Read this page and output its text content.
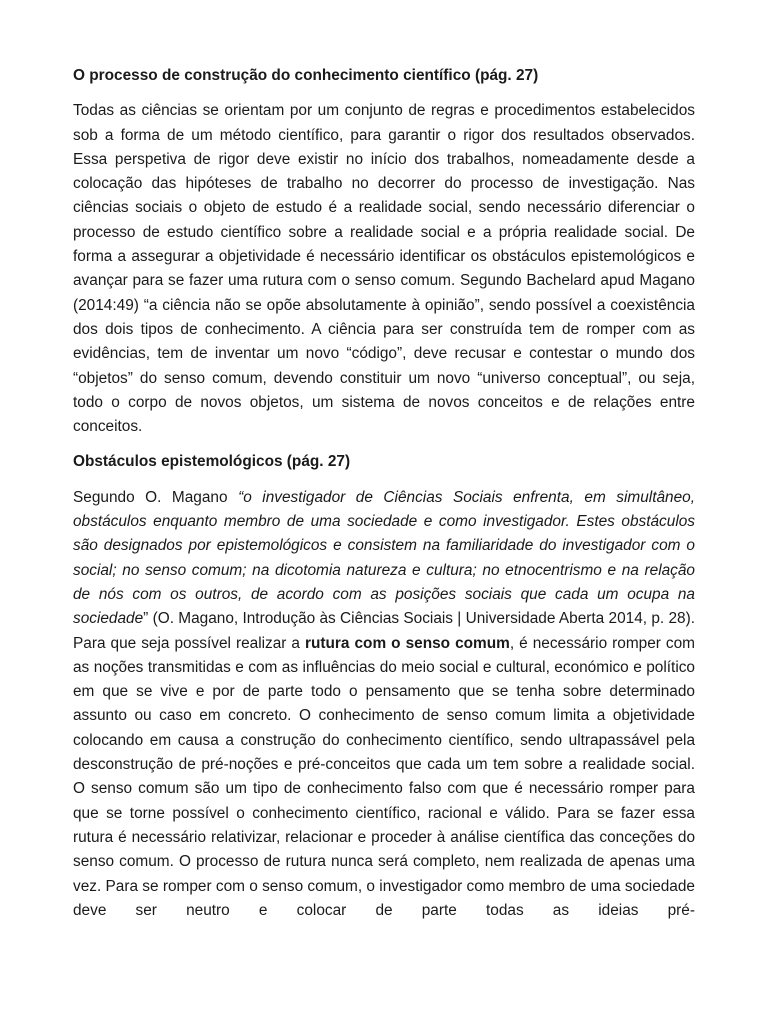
O processo de construção do conhecimento científico (pág. 27)

Todas as ciências se orientam por um conjunto de regras e procedimentos estabelecidos sob a forma de um método científico, para garantir o rigor dos resultados observados. Essa perspetiva de rigor deve existir no início dos trabalhos, nomeadamente desde a colocação das hipóteses de trabalho no decorrer do processo de investigação. Nas ciências sociais o objeto de estudo é a realidade social, sendo necessário diferenciar o processo de estudo científico sobre a realidade social e a própria realidade social. De forma a assegurar a objetividade é necessário identificar os obstáculos epistemológicos e avançar para se fazer uma rutura com o senso comum. Segundo Bachelard apud Magano (2014:49) “a ciência não se opõe absolutamente à opinião”, sendo possível a coexistência dos dois tipos de conhecimento. A ciência para ser construída tem de romper com as evidências, tem de inventar um novo “código”, deve recusar e contestar o mundo dos “objetos” do senso comum, devendo constituir um novo “universo conceptual”, ou seja, todo o corpo de novos objetos, um sistema de novos conceitos e de relações entre conceitos.

Obstáculos epistemológicos (pág. 27)

Segundo O. Magano “o investigador de Ciências Sociais enfrenta, em simultâneo, obstáculos enquanto membro de uma sociedade e como investigador. Estes obstáculos são designados por epistemológicos e consistem na familiaridade do investigador com o social; no senso comum; na dicotomia natureza e cultura; no etnocentrismo e na relação de nós com os outros, de acordo com as posições sociais que cada um ocupa na sociedade” (O. Magano, Introdução às Ciências Sociais | Universidade Aberta 2014, p. 28). Para que seja possível realizar a rutura com o senso comum, é necessário romper com as noções transmitidas e com as influências do meio social e cultural, económico e político em que se vive e por de parte todo o pensamento que se tenha sobre determinado assunto ou caso em concreto. O conhecimento de senso comum limita a objetividade colocando em causa a construção do conhecimento científico, sendo ultrapassável pela desconstrução de pré-noções e pré-conceitos que cada um tem sobre a realidade social. O senso comum são um tipo de conhecimento falso com que é necessário romper para que se torne possível o conhecimento científico, racional e válido. Para se fazer essa rutura é necessário relativizar, relacionar e proceder à análise científica das conceções do senso comum. O processo de rutura nunca será completo, nem realizada de apenas uma vez. Para se romper com o senso comum, o investigador como membro de uma sociedade deve ser neutro e colocar de parte todas as ideias pré-
